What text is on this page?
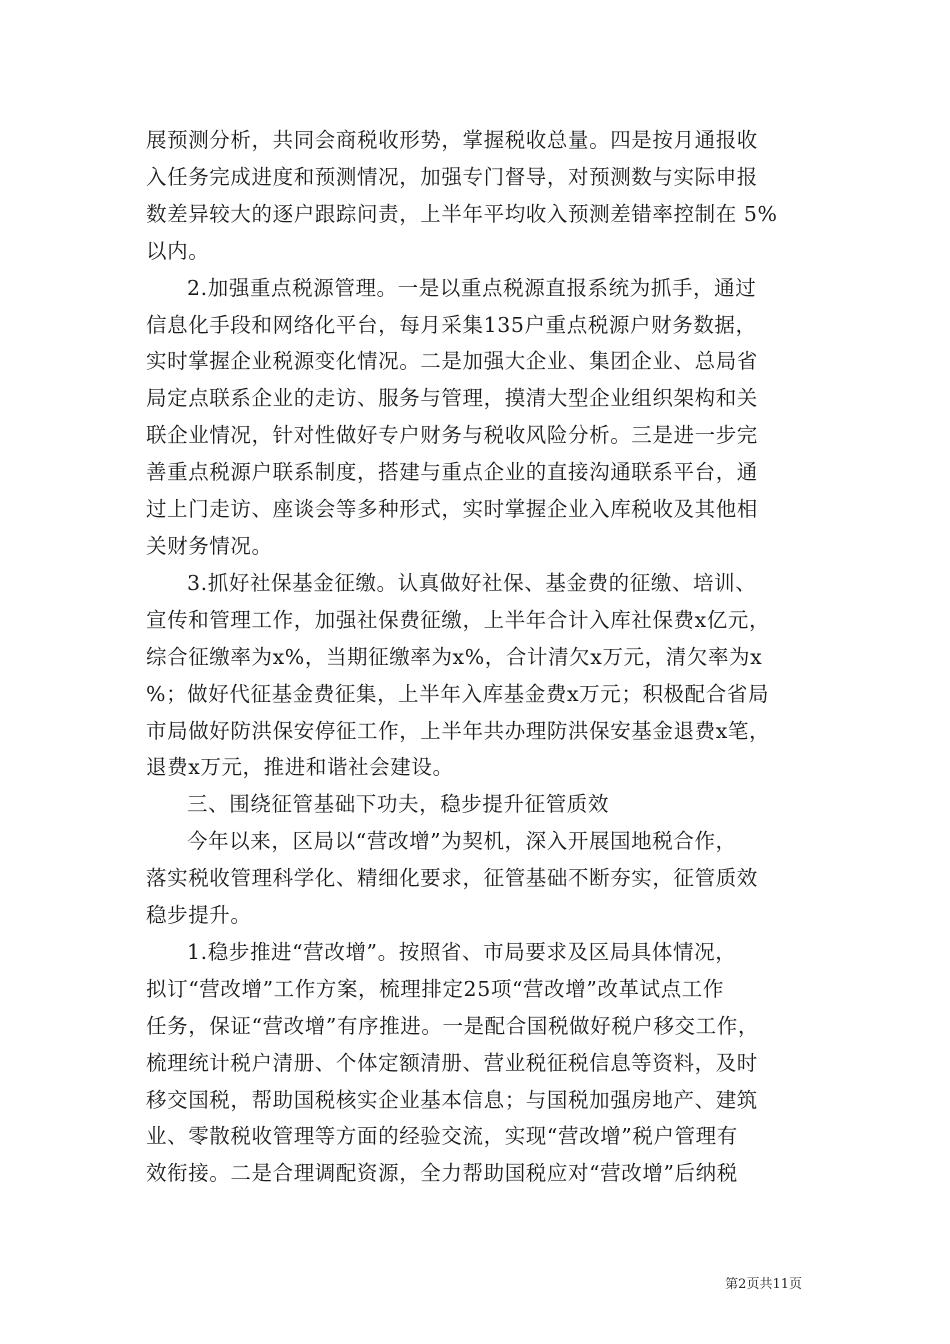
展预测分析，共同会商税收形势，掌握税收总量。四是按月通报收
入任务完成进度和预测情况，加强专门督导，对预测数与实际申报
数差异较大的逐户跟踪问责，上半年平均收入预测差错率控制在 5%
以内。

2.加强重点税源管理。一是以重点税源直报系统为抓手，通过
信息化手段和网络化平台，每月采集135户重点税源户财务数据，
实时掌握企业税源变化情况。二是加强大企业、集团企业、总局省
局定点联系企业的走访、服务与管理，摸清大型企业组织架构和关
联企业情况，针对性做好专户财务与税收风险分析。三是进一步完
善重点税源户联系制度，搭建与重点企业的直接沟通联系平台，通
过上门走访、座谈会等多种形式，实时掌握企业入库税收及其他相
关财务情况。

3.抓好社保基金征缴。认真做好社保、基金费的征缴、培训、
宣传和管理工作，加强社保费征缴，上半年合计入库社保费x亿元，
综合征缴率为x%，当期征缴率为x%，合计清欠x万元，清欠率为x
%；做好代征基金费征集，上半年入库基金费x万元；积极配合省局
市局做好防洪保安停征工作，上半年共办理防洪保安基金退费x笔，
退费x万元，推进和谐社会建设。

三、围绕征管基础下功夫，稳步提升征管质效

今年以来，区局以“营改增”为契机，深入开展国地税合作，
落实税收管理科学化、精细化要求，征管基础不断夯实，征管质效
稳步提升。

1.稳步推进“营改增”。按照省、市局要求及区局具体情况，
拟订“营改增”工作方案，梳理排定25项“营改增”改革试点工作
任务，保证“营改增”有序推进。一是配合国税做好税户移交工作，
梳理统计税户清册、个体定额清册、营业税征税信息等资料，及时
移交国税，帮助国税核实企业基本信息；与国税加强房地产、建筑
业、零散税收管理等方面的经验交流，实现“营改增”税户管理有
效衔接。二是合理调配资源，全力帮助国税应对“营改增”后纳税

第2页共11页
